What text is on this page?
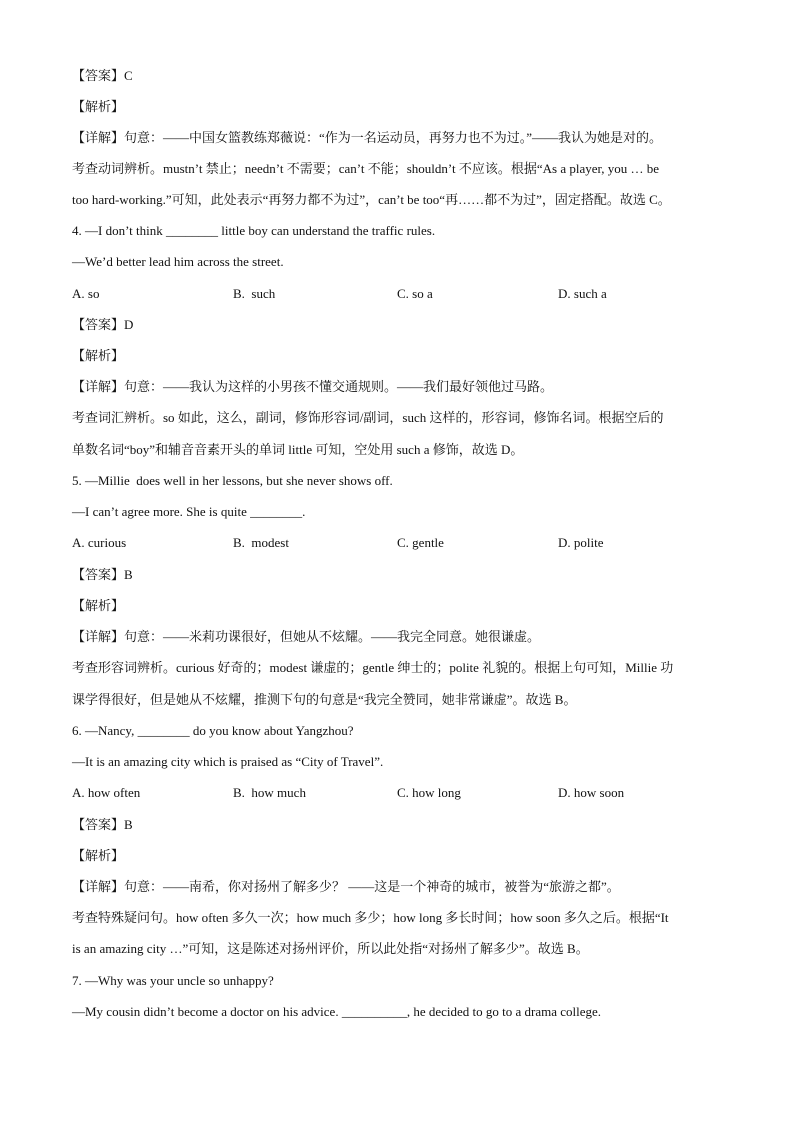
【答案】C
【解析】
【详解】句意：——中国女篮教练郑薇说：“作为一名运动员，再努力也不为过。”——我认为她是对的。
考查动词辨析。mustn’t 禁止；needn’t 不需要；can’t 不能；shouldn’t 不应该。根据“As a player, you … be
too hard-working.”可知，此处表示“再努力都不为过”，can’t be too“再……都不为过”，固定搭配。故选 C。
4. —I don’t think ________ little boy can understand the traffic rules.
—We’d better lead him across the street.
A. so	B.  such	C. so a	D. such a
【答案】D
【解析】
【详解】句意：——我认为这样的小男孩不懂交通规则。——我们最好领他过马路。
考查词汇辨析。so 如此，这么，副词，修饰形容词/副词，such 这样的，形容词，修饰名词。根据空后的
单数名词“boy”和辅音音素开头的单词 little 可知，空处用 such a 修饰，故选 D。
5. —Millie  does well in her lessons, but she never shows off.
—I can’t agree more. She is quite ________.
A. curious	B.  modest	C. gentle	D. polite
【答案】B
【解析】
【详解】句意：——米莉功课很好，但她从不炫耀。——我完全同意。她很谦虚。
考查形容词辨析。curious 好奇的；modest 谦虚的；gentle 绅士的；polite 礼貌的。根据上句可知，Millie 功
课学得很好，但是她从不炫耀，推测下句的句意是“我完全赞同，她非常谦虚”。故选 B。
6. —Nancy, ________ do you know about Yangzhou?
—It is an amazing city which is praised as “City of Travel”.
A. how often	B.  how much	C. how long	D. how soon
【答案】B
【解析】
【详解】句意：——南希，你对扬州了解多少？ ——这是一个神奇的城市，被誉为“旅游之都”。
考查特殊疑问句。how often 多久一次；how much 多少；how long 多长时间；how soon 多久之后。根据“It
is an amazing city …”可知，这是陈述对扬州评价，所以此处指“对扬州了解多少”。故选 B。
7. —Why was your uncle so unhappy?
—My cousin didn’t become a doctor on his advice. __________, he decided to go to a drama college.
